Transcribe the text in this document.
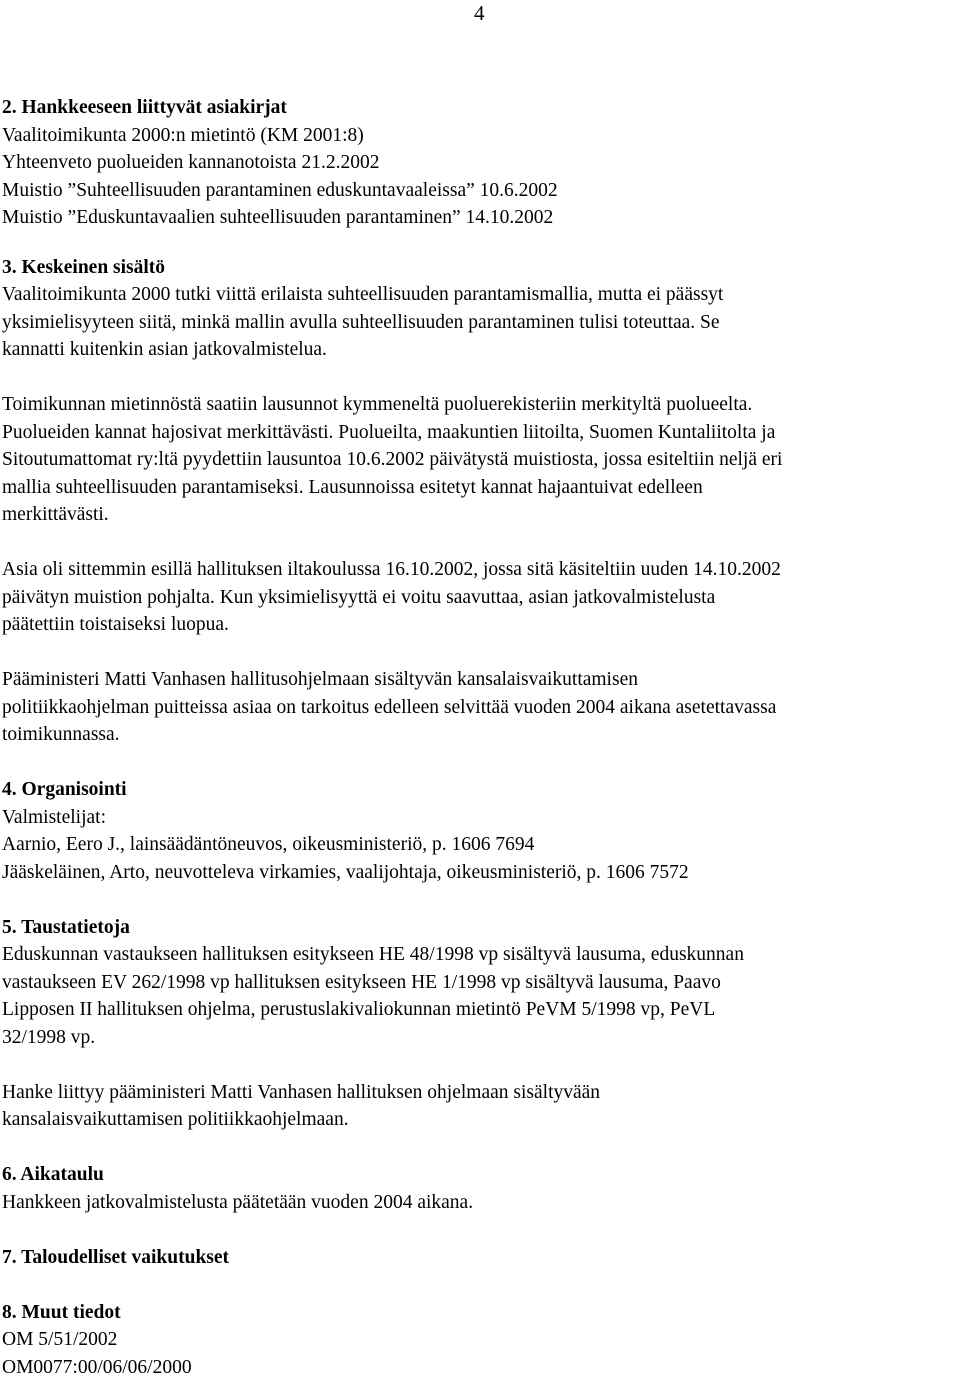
4
2. Hankkeeseen liittyvät asiakirjat
Vaalitoimikunta 2000:n mietintö (KM 2001:8)
Yhteenveto puolueiden kannanotoista 21.2.2002
Muistio ”Suhteellisuuden parantaminen eduskuntavaaleissa” 10.6.2002
Muistio ”Eduskuntavaalien suhteellisuuden parantaminen” 14.10.2002
3. Keskeinen sisältö
Vaalitoimikunta 2000 tutki viittä erilaista suhteellisuuden parantamismallia, mutta ei päässyt
yksimielisyyteen siitä, minkä mallin avulla suhteellisuuden parantaminen tulisi toteuttaa. Se
kannatti kuitenkin asian jatkovalmistelua.
Toimikunnan mietinnöstä saatiin lausunnot kymmeneltä puoluerekisteriin merkityltä puolueelta.
Puolueiden kannat hajosivat merkittävästi. Puolueilta, maakuntien liitoilta, Suomen Kuntaliitolta ja
Sitoutumattomat ry:ltä pyydettiin lausuntoa 10.6.2002 päivätystä muistiosta, jossa esiteltiin neljä eri
mallia suhteellisuuden parantamiseksi. Lausunnoissa esitetyt kannat hajaantuivat edelleen
merkittävästi.
Asia oli sittemmin esillä hallituksen iltakoulussa 16.10.2002, jossa sitä käsiteltiin uuden 14.10.2002
päivätyn muistion pohjalta. Kun yksimielisyyttä ei voitu saavuttaa, asian jatkovalmistelusta
päätettiin toistaiseksi luopua.
Pääministeri Matti Vanhasen hallitusohjelmaan sisältyvän kansalaisvaikuttamisen
politiikkaohjelman puitteissa asiaa on tarkoitus edelleen selvittää vuoden 2004 aikana asetettavassa
toimikunnassa.
4. Organisointi
Valmistelijat:
Aarnio, Eero J., lainsäädäntöneuvos, oikeusministeriö, p. 1606 7694
Jääskeläinen, Arto, neuvotteleva virkamies, vaalijohtaja, oikeusministeriö, p. 1606 7572
5. Taustatietoja
Eduskunnan vastaukseen hallituksen esitykseen HE 48/1998 vp sisältyvä lausuma, eduskunnan
vastaukseen EV 262/1998 vp hallituksen esitykseen HE 1/1998 vp sisältyvä lausuma, Paavo
Lipposen II hallituksen ohjelma, perustuslakivaliokunnan mietintö PeVM 5/1998 vp, PeVL
32/1998 vp.
Hanke liittyy pääministeri Matti Vanhasen hallituksen ohjelmaan sisältyvään
kansalaisvaikuttamisen politiikkaohjelmaan.
6. Aikataulu
Hankkeen jatkovalmistelusta päätetään vuoden 2004 aikana.
7. Taloudelliset vaikutukset
8. Muut tiedot
OM 5/51/2002
OM0077:00/06/06/2000
